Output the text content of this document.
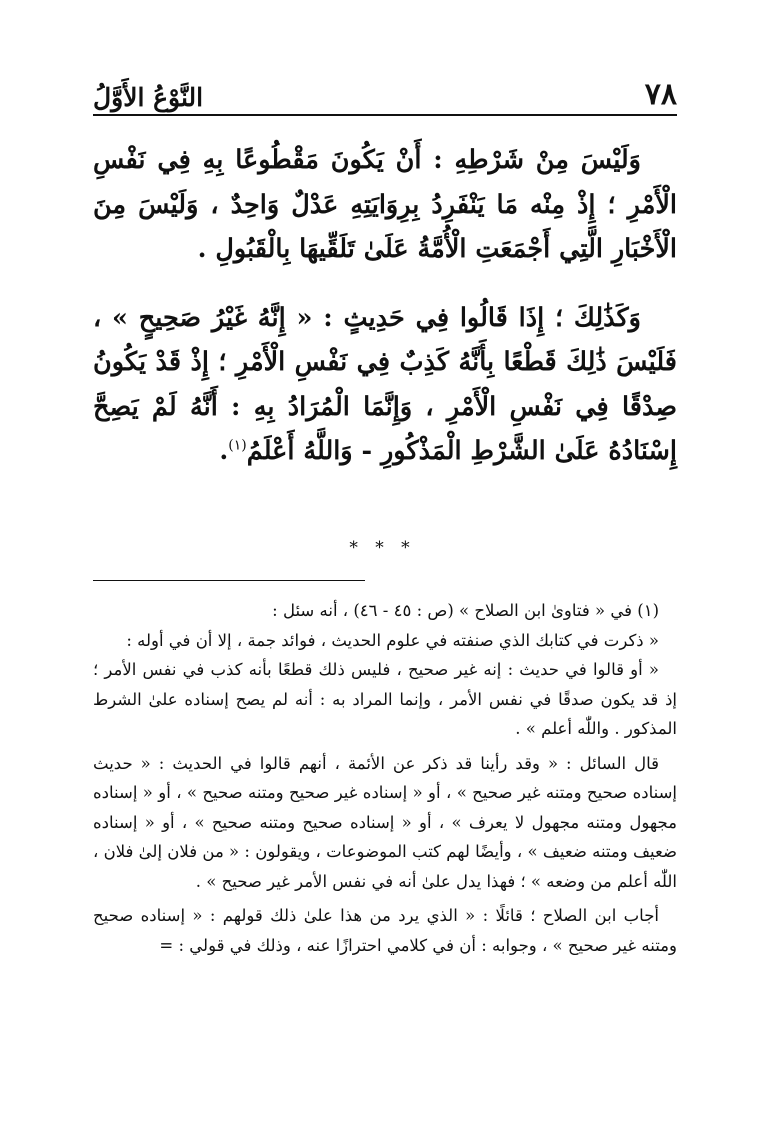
٧٨
النَّوْعُ الأَوَّلُ

وَلَيْسَ مِنْ شَرْطِهِ : أَنْ يَكُونَ مَقْطُوعًا بِهِ فِي نَفْسِ الْأَمْرِ ؛ إِذْ مِنْه مَا يَنْفَرِدُ بِرِوَايَتِهِ عَدْلٌ وَاحِدٌ ، وَلَيْسَ مِنَ الْأَخْبَارِ الَّتِي أَجْمَعَتِ الْأُمَّةُ عَلَىٰ تَلَقِّيهَا بِالْقَبُولِ .

وَكَذَٰلِكَ ؛ إِذَا قَالُوا فِي حَدِيثٍ : « إِنَّهُ غَيْرُ صَحِيحٍ » ، فَلَيْسَ ذَٰلِكَ قَطْعًا بِأَنَّهُ كَذِبٌ فِي نَفْسِ الْأَمْرِ ؛ إِذْ قَدْ يَكُونُ صِدْقًا فِي نَفْسِ الْأَمْرِ ، وَإِنَّمَا الْمُرَادُ بِهِ : أَنَّهُ لَمْ يَصِحَّ إِسْنَادُهُ عَلَىٰ الشَّرْطِ الْمَذْكُورِ - وَاللَّهُ أَعْلَمُ$^{(١)}$.

* * *

(١) في « فتاوىٰ ابن الصلاح » (ص : ٤٥ - ٤٦) ، أنه سئل :

« ذكرت في كتابك الذي صنفته في علوم الحديث ، فوائد جمة ، إلا أن في أوله :

« أو قالوا في حديث : إنه غير صحيح ، فليس ذلك قطعًا بأنه كذب في نفس الأمر ؛ إذ قد يكون صدقًا في نفس الأمر ، وإنما المراد به : أنه لم يصح إسناده علىٰ الشرط المذكور . واللّٰه أعلم » .

قال السائل : « وقد رأينا قد ذكر عن الأئمة ، أنهم قالوا في الحديث : « حديث إسناده صحيح ومتنه غير صحيح » ، أو « إسناده غير صحيح ومتنه صحيح » ، أو « إسناده مجهول ومتنه مجهول لا يعرف » ، أو « إسناده صحيح ومتنه صحيح » ، أو « إسناده ضعيف ومتنه ضعيف » ، وأيضًا لهم كتب الموضوعات ، ويقولون : « من فلان إلىٰ فلان ، اللّٰه أعلم من وضعه » ؛ فهذا يدل علىٰ أنه في نفس الأمر غير صحيح » .

أجاب ابن الصلاح ؛ قائلًا : « الذي يرد من هذا علىٰ ذلك قولهم : « إسناده صحيح ومتنه غير صحيح » ، وجوابه : أن في كلامي احترازًا عنه ، وذلك في قولي : =
